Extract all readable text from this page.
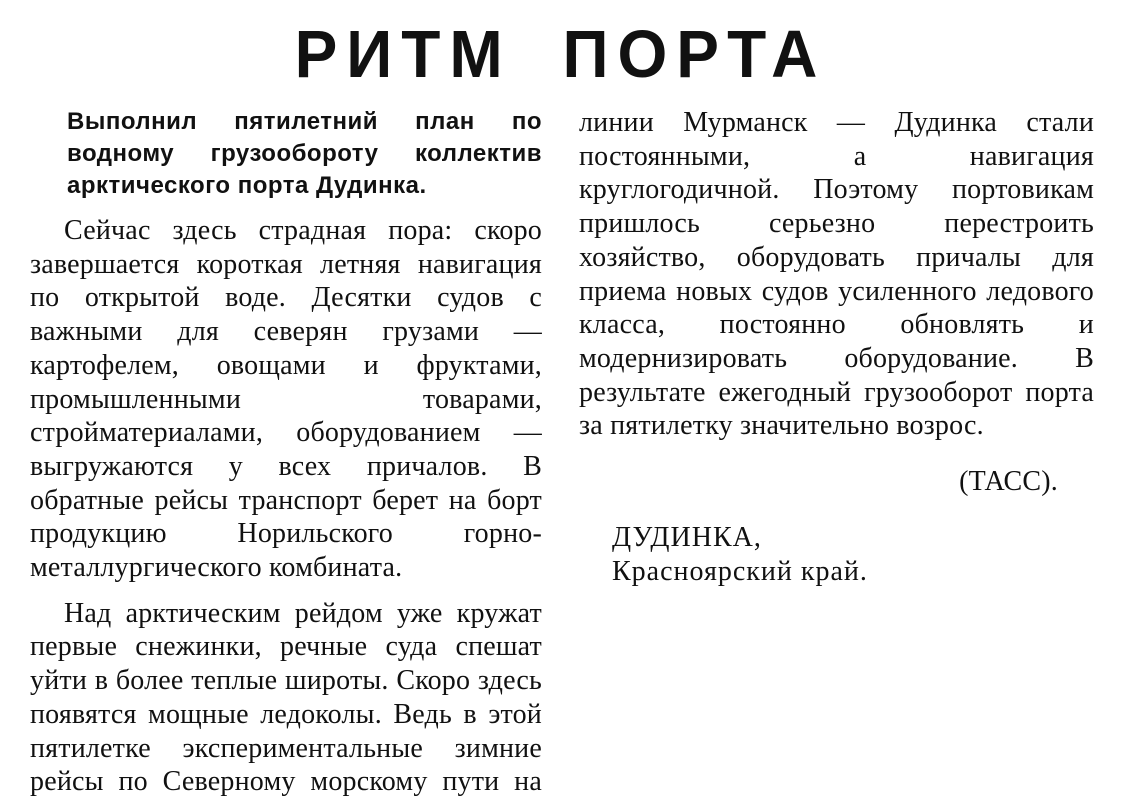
РИТМ ПОРТА

Выполнил пятилетний план по водному грузообороту коллектив арктического порта Дудинка.

Сейчас здесь страдная пора: скоро завершается короткая летняя навигация по открытой воде. Десятки судов с важными для северян грузами — картофелем, овощами и фруктами, промышленными товарами, стройматериалами, оборудованием — выгружаются у всех причалов. В обратные рейсы транспорт берет на борт продукцию Норильского горно-металлургического комбината.

Над арктическим рейдом уже кружат первые снежинки, речные суда спешат уйти в более теплые широты. Скоро здесь появятся мощные ледоколы. Ведь в этой пятилетке экспериментальные зимние рейсы по Северному морскому пути на

линии Мурманск — Дудинка стали постоянными, а навигация круглогодичной. Поэтому портовикам пришлось серьезно перестроить хозяйство, оборудовать причалы для приема новых судов усиленного ледового класса, постоянно обновлять и модернизировать оборудование. В результате ежегодный грузооборот порта за пятилетку значительно возрос.

(ТАСС).
ДУДИНКА,
Красноярский край.
